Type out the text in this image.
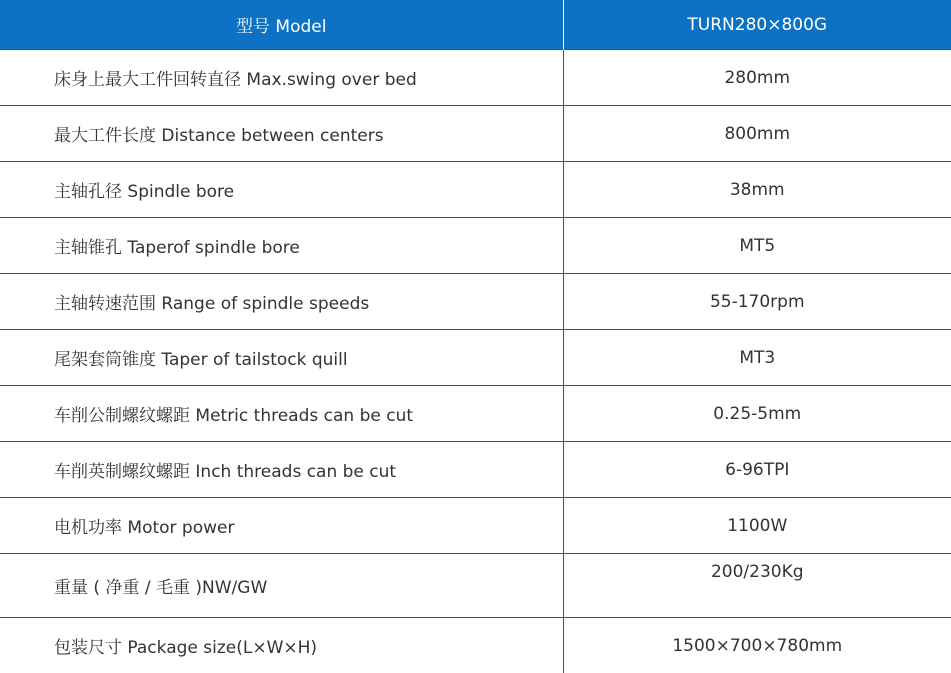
型号 Model	TURN280×800G
床身上最大工件回转直径 Max.swing over bed	280mm
最大工件长度 Distance between centers	800mm
主轴孔径 Spindle bore	38mm
主轴锥孔 Taperof spindle bore	MT5
主轴转速范围 Range of spindle speeds	55-170rpm
尾架套筒锥度 Taper of tailstock quill	MT3
车削公制螺纹螺距 Metric threads can be cut	0.25-5mm
车削英制螺纹螺距 Inch threads can be cut	6-96TPI
电机功率 Motor power	1100W
重量 ( 净重 / 毛重 )NW/GW	200/230Kg
包装尺寸 Package size(L×W×H)	1500×700×780mm
